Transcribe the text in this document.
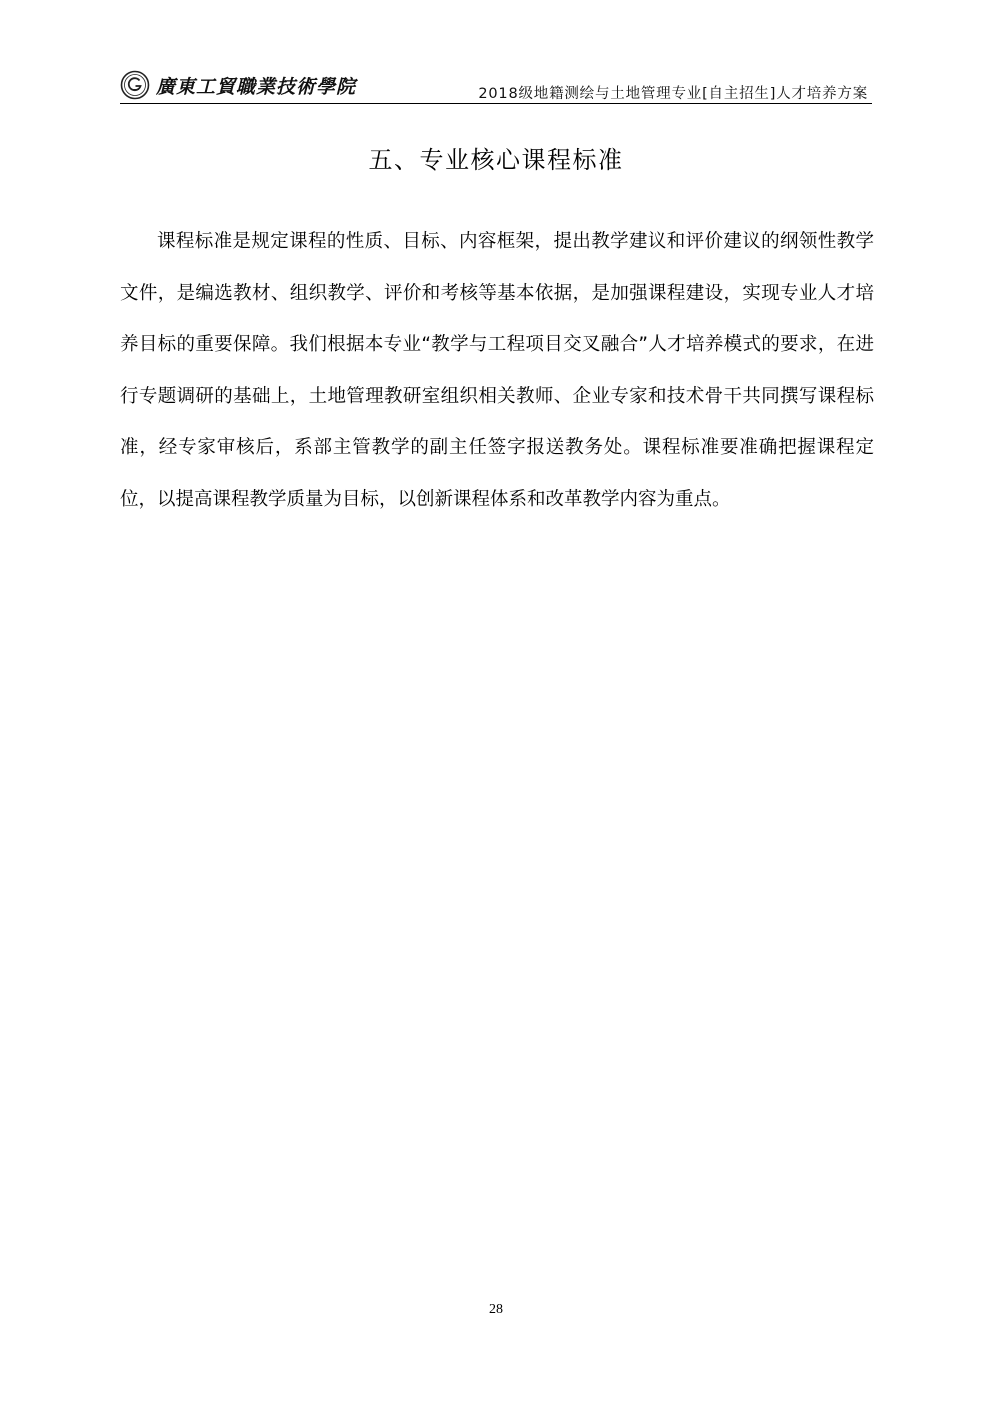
廣東工貿職業技術學院	2018级地籍测绘与土地管理专业[自主招生]人才培养方案
五、专业核心课程标准

课程标准是规定课程的性质、目标、内容框架，提出教学建议和评价建议的纲领性教学文件，是编选教材、组织教学、评价和考核等基本依据，是加强课程建设，实现专业人才培养目标的重要保障。我们根据本专业“教学与工程项目交叉融合”人才培养模式的要求，在进行专题调研的基础上，土地管理教研室组织相关教师、企业专家和技术骨干共同撰写课程标准，经专家审核后，系部主管教学的副主任签字报送教务处。课程标准要准确把握课程定位，以提高课程教学质量为目标，以创新课程体系和改革教学内容为重点。

28
